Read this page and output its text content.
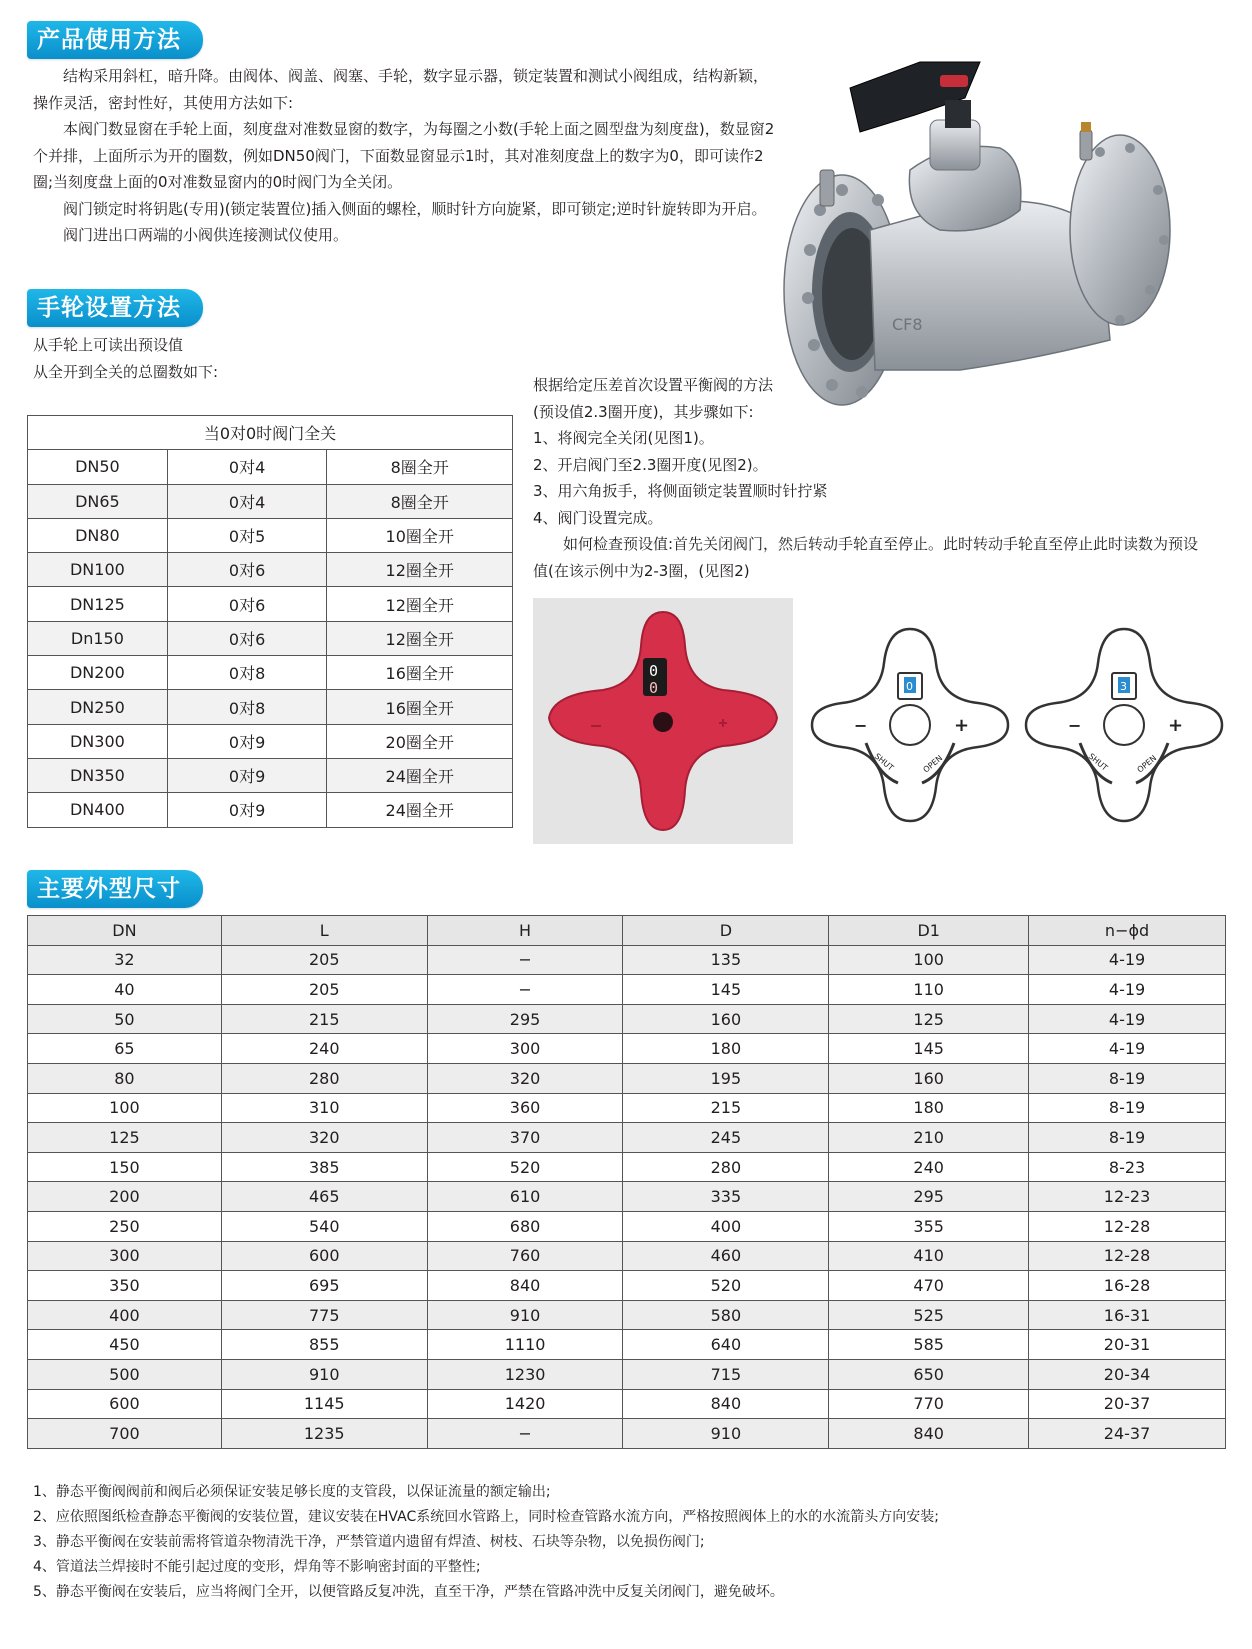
产品使用方法

结构采用斜杠，暗升降。由阀体、阀盖、阀塞、手轮，数字显示器，锁定装置和测试小阀组成，结构新颖，操作灵活，密封性好，其使用方法如下:

本阀门数显窗在手轮上面，刻度盘对准数显窗的数字，为每圈之小数(手轮上面之圆型盘为刻度盘)，数显窗2个并排，上面所示为开的圈数，例如DN50阀门，下面数显窗显示1时，其对准刻度盘上的数字为0，即可读作2圈;当刻度盘上面的0对准数显窗内的0时阀门为全关闭。

阀门锁定时将钥匙(专用)(锁定装置位)插入侧面的螺栓，顺时针方向旋紧，即可锁定;逆时针旋转即为开启。

阀门进出口两端的小阀供连接测试仪使用。

CF8
手轮设置方法

从手轮上可读出预设值

从全开到全关的总圈数如下:

当0对0时阀门全关		
DN50	0对4	8圈全开
DN65	0对4	8圈全开
DN80	0对5	10圈全开
DN100	0对6	12圈全开
DN125	0对6	12圈全开
Dn150	0对6	12圈全开
DN200	0对8	16圈全开
DN250	0对8	16圈全开
DN300	0对9	20圈全开
DN350	0对9	24圈全开
DN400	0对9	24圈全开

根据给定压差首次设置平衡阀的方法

(预设值2.3圈开度)，其步骤如下:

1、将阀完全关闭(见图1)。

2、开启阀门至2.3圈开度(见图2)。

3、用六角扳手，将侧面锁定装置顺时针拧紧

4、阀门设置完成。

如何检查预设值:首先关闭阀门，然后转动手轮直至停止。此时转动手轮直至停止此时读数为预设值(在该示例中为2-3圈，(见图2)

0
0	0
−	+
SHUT	OPEN
3
−	+
SHUT	OPEN
主要外型尺寸
DN	L	H	D	D1	n−ϕd
32	205	−	135	100	4-19
40	205	−	145	110	4-19
50	215	295	160	125	4-19
65	240	300	180	145	4-19
80	280	320	195	160	8-19
100	310	360	215	180	8-19
125	320	370	245	210	8-19
150	385	520	280	240	8-23
200	465	610	335	295	12-23
250	540	680	400	355	12-28
300	600	760	460	410	12-28
350	695	840	520	470	16-28
400	775	910	580	525	16-31
450	855	1110	640	585	20-31
500	910	1230	715	650	20-34
600	1145	1420	840	770	20-37
700	1235	−	910	840	24-37

1、静态平衡阀阀前和阀后必须保证安装足够长度的支管段，以保证流量的额定输出;

2、应依照图纸检查静态平衡阀的安装位置，建议安装在HVAC系统回水管路上，同时检查管路水流方向，严格按照阀体上的水的水流箭头方向安装;

3、静态平衡阀在安装前需将管道杂物清洗干净，严禁管道内遗留有焊渣、树枝、石块等杂物，以免损伤阀门;

4、管道法兰焊接时不能引起过度的变形，焊角等不影响密封面的平整性;

5、静态平衡阀在安装后，应当将阀门全开，以便管路反复冲洗，直至干净，严禁在管路冲洗中反复关闭阀门，避免破坏。
